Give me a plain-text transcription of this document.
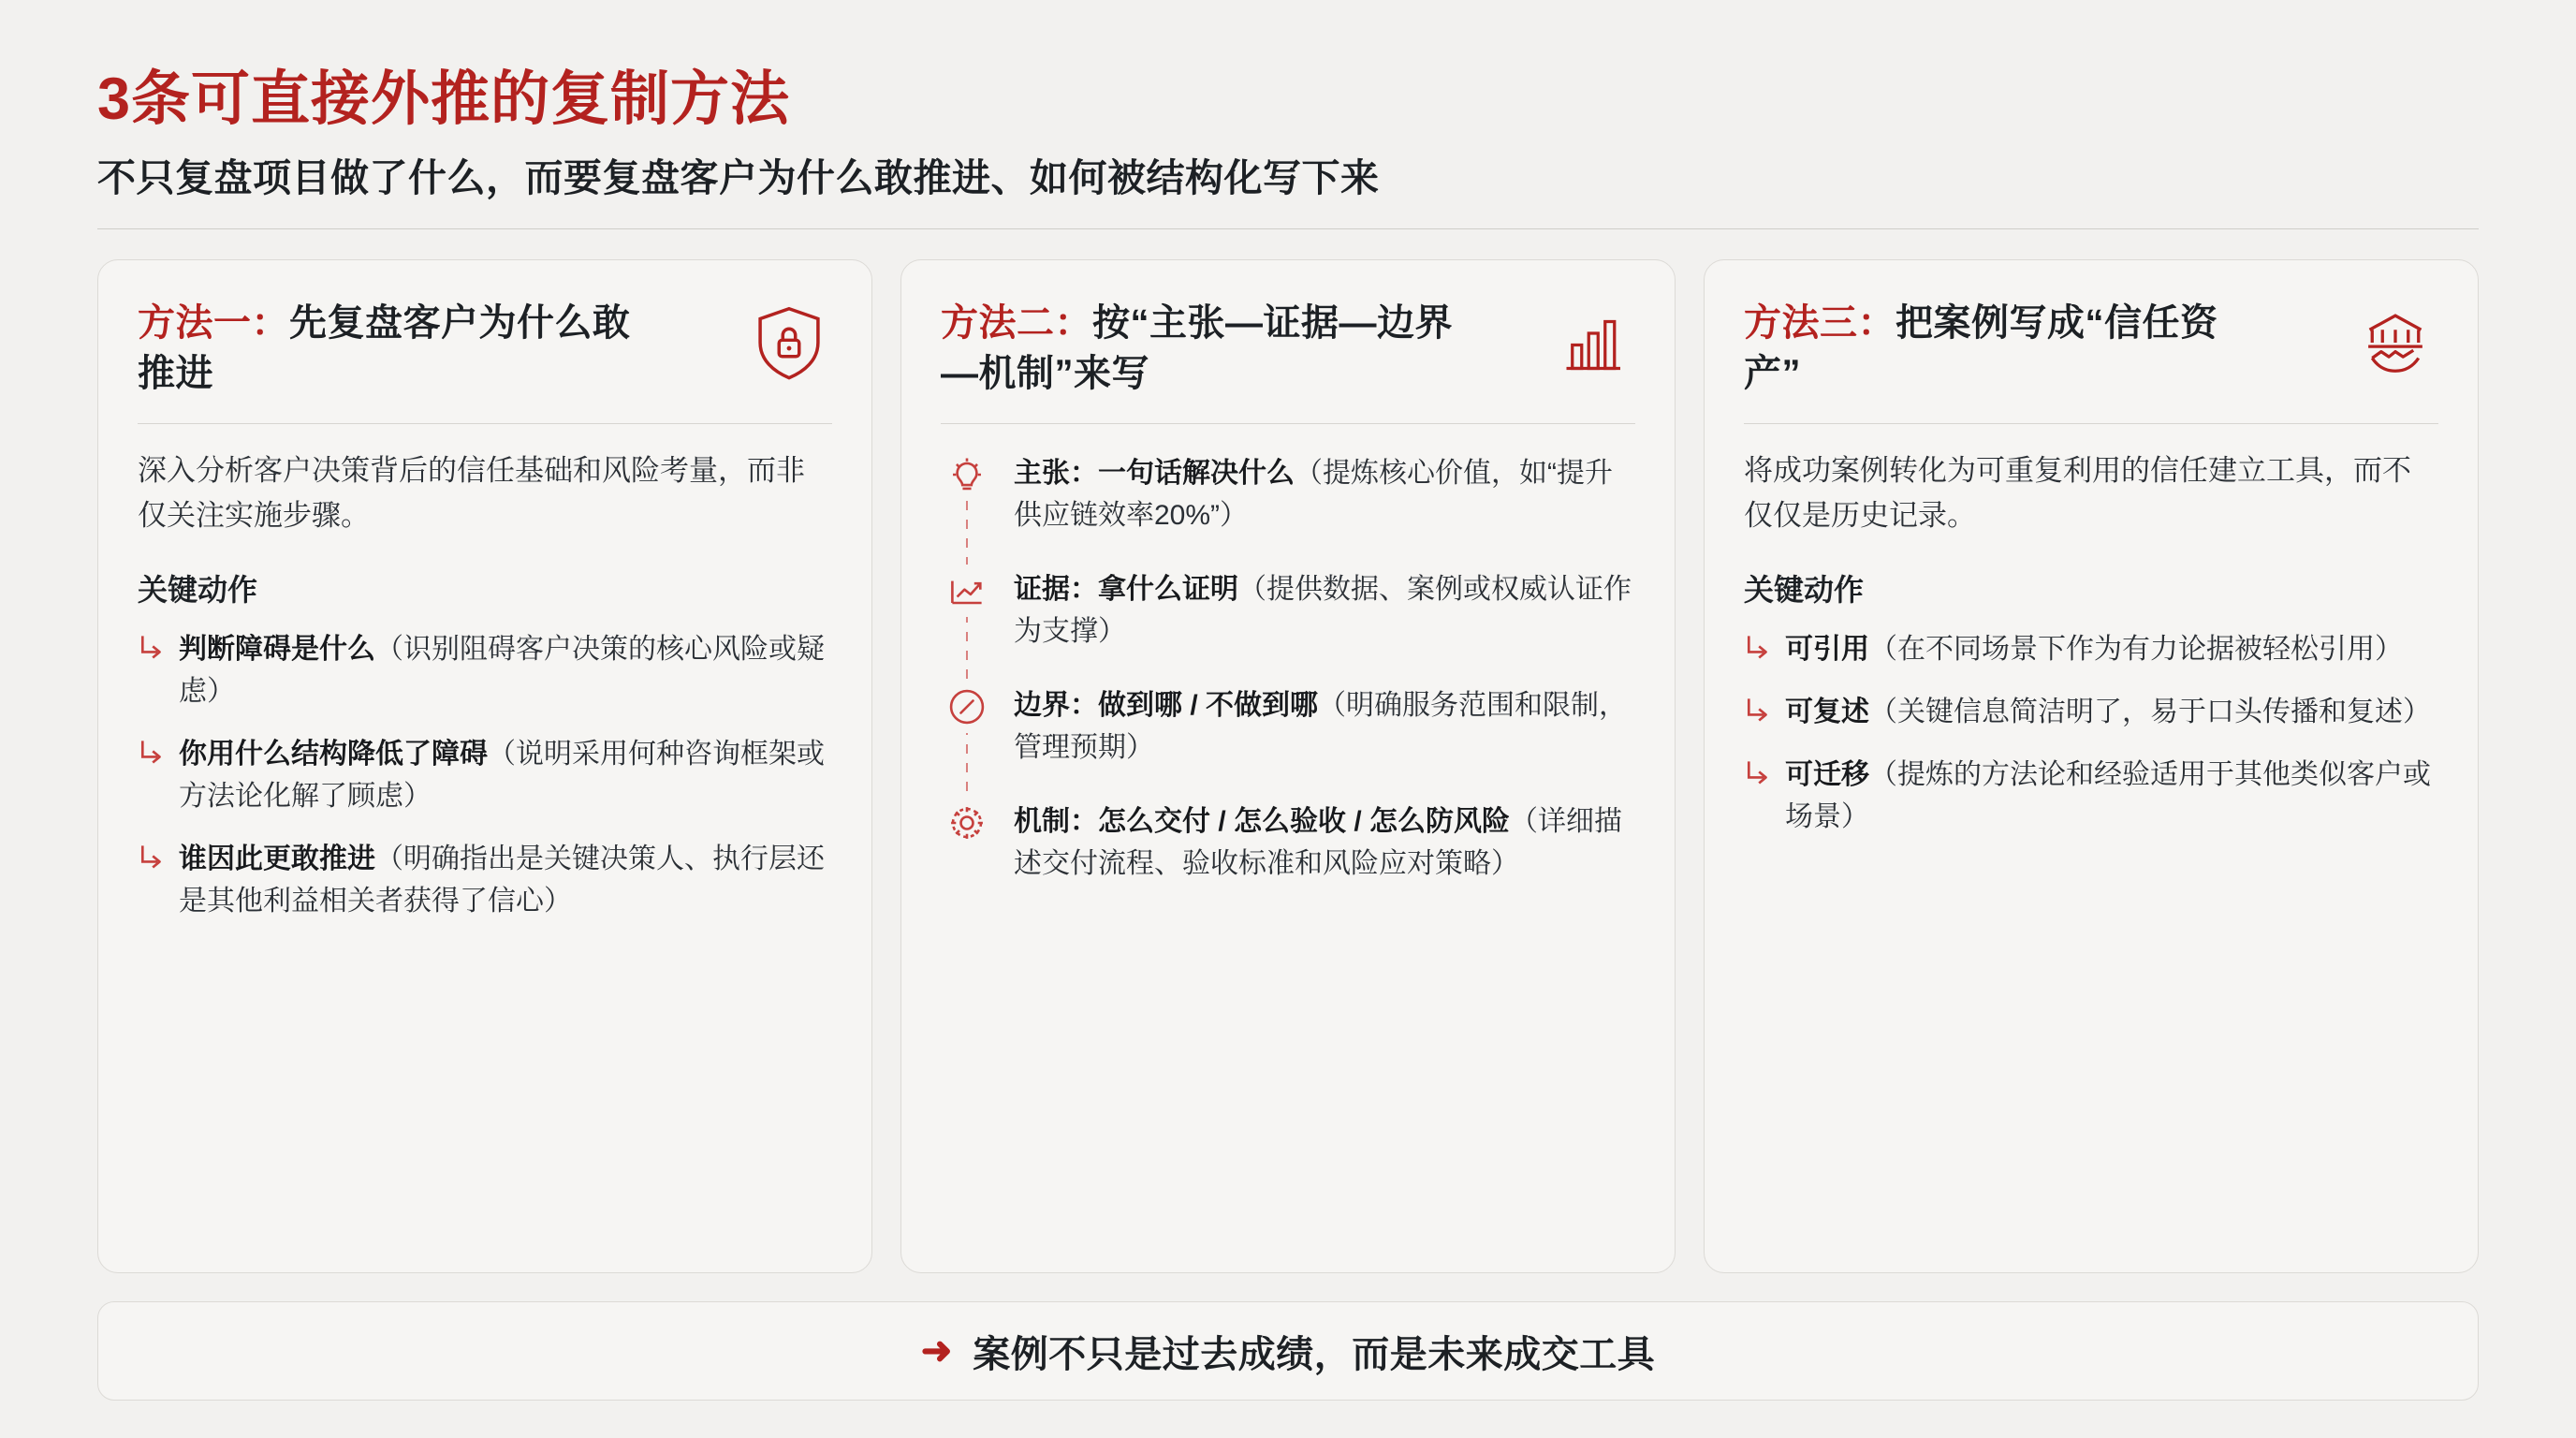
3条可直接外推的复制方法
不只复盘项目做了什么，而要复盘客户为什么敢推进、如何被结构化写下来
方法一：先复盘客户为什么敢推进
深入分析客户决策背后的信任基础和风险考量，而非仅关注实施步骤。
关键动作
判断障碍是什么（识别阻碍客户决策的核心风险或疑虑）
你用什么结构降低了障碍（说明采用何种咨询框架或方法论化解了顾虑）
谁因此更敢推进（明确指出是关键决策人、执行层还是其他利益相关者获得了信心）
方法二：按“主张—证据—边界—机制”来写
主张：一句话解决什么（提炼核心价值，如“提升供应链效率20%”）
证据：拿什么证明（提供数据、案例或权威认证作为支撑）
边界：做到哪 / 不做到哪（明确服务范围和限制，管理预期）
机制：怎么交付 / 怎么验收 / 怎么防风险（详细描述交付流程、验收标准和风险应对策略）
方法三：把案例写成“信任资产”
将成功案例转化为可重复利用的信任建立工具，而不仅仅是历史记录。
关键动作
可引用（在不同场景下作为有力论据被轻松引用）
可复述（关键信息简洁明了，易于口头传播和复述）
可迁移（提炼的方法论和经验适用于其他类似客户或场景）
➜ 案例不只是过去成绩，而是未来成交工具
